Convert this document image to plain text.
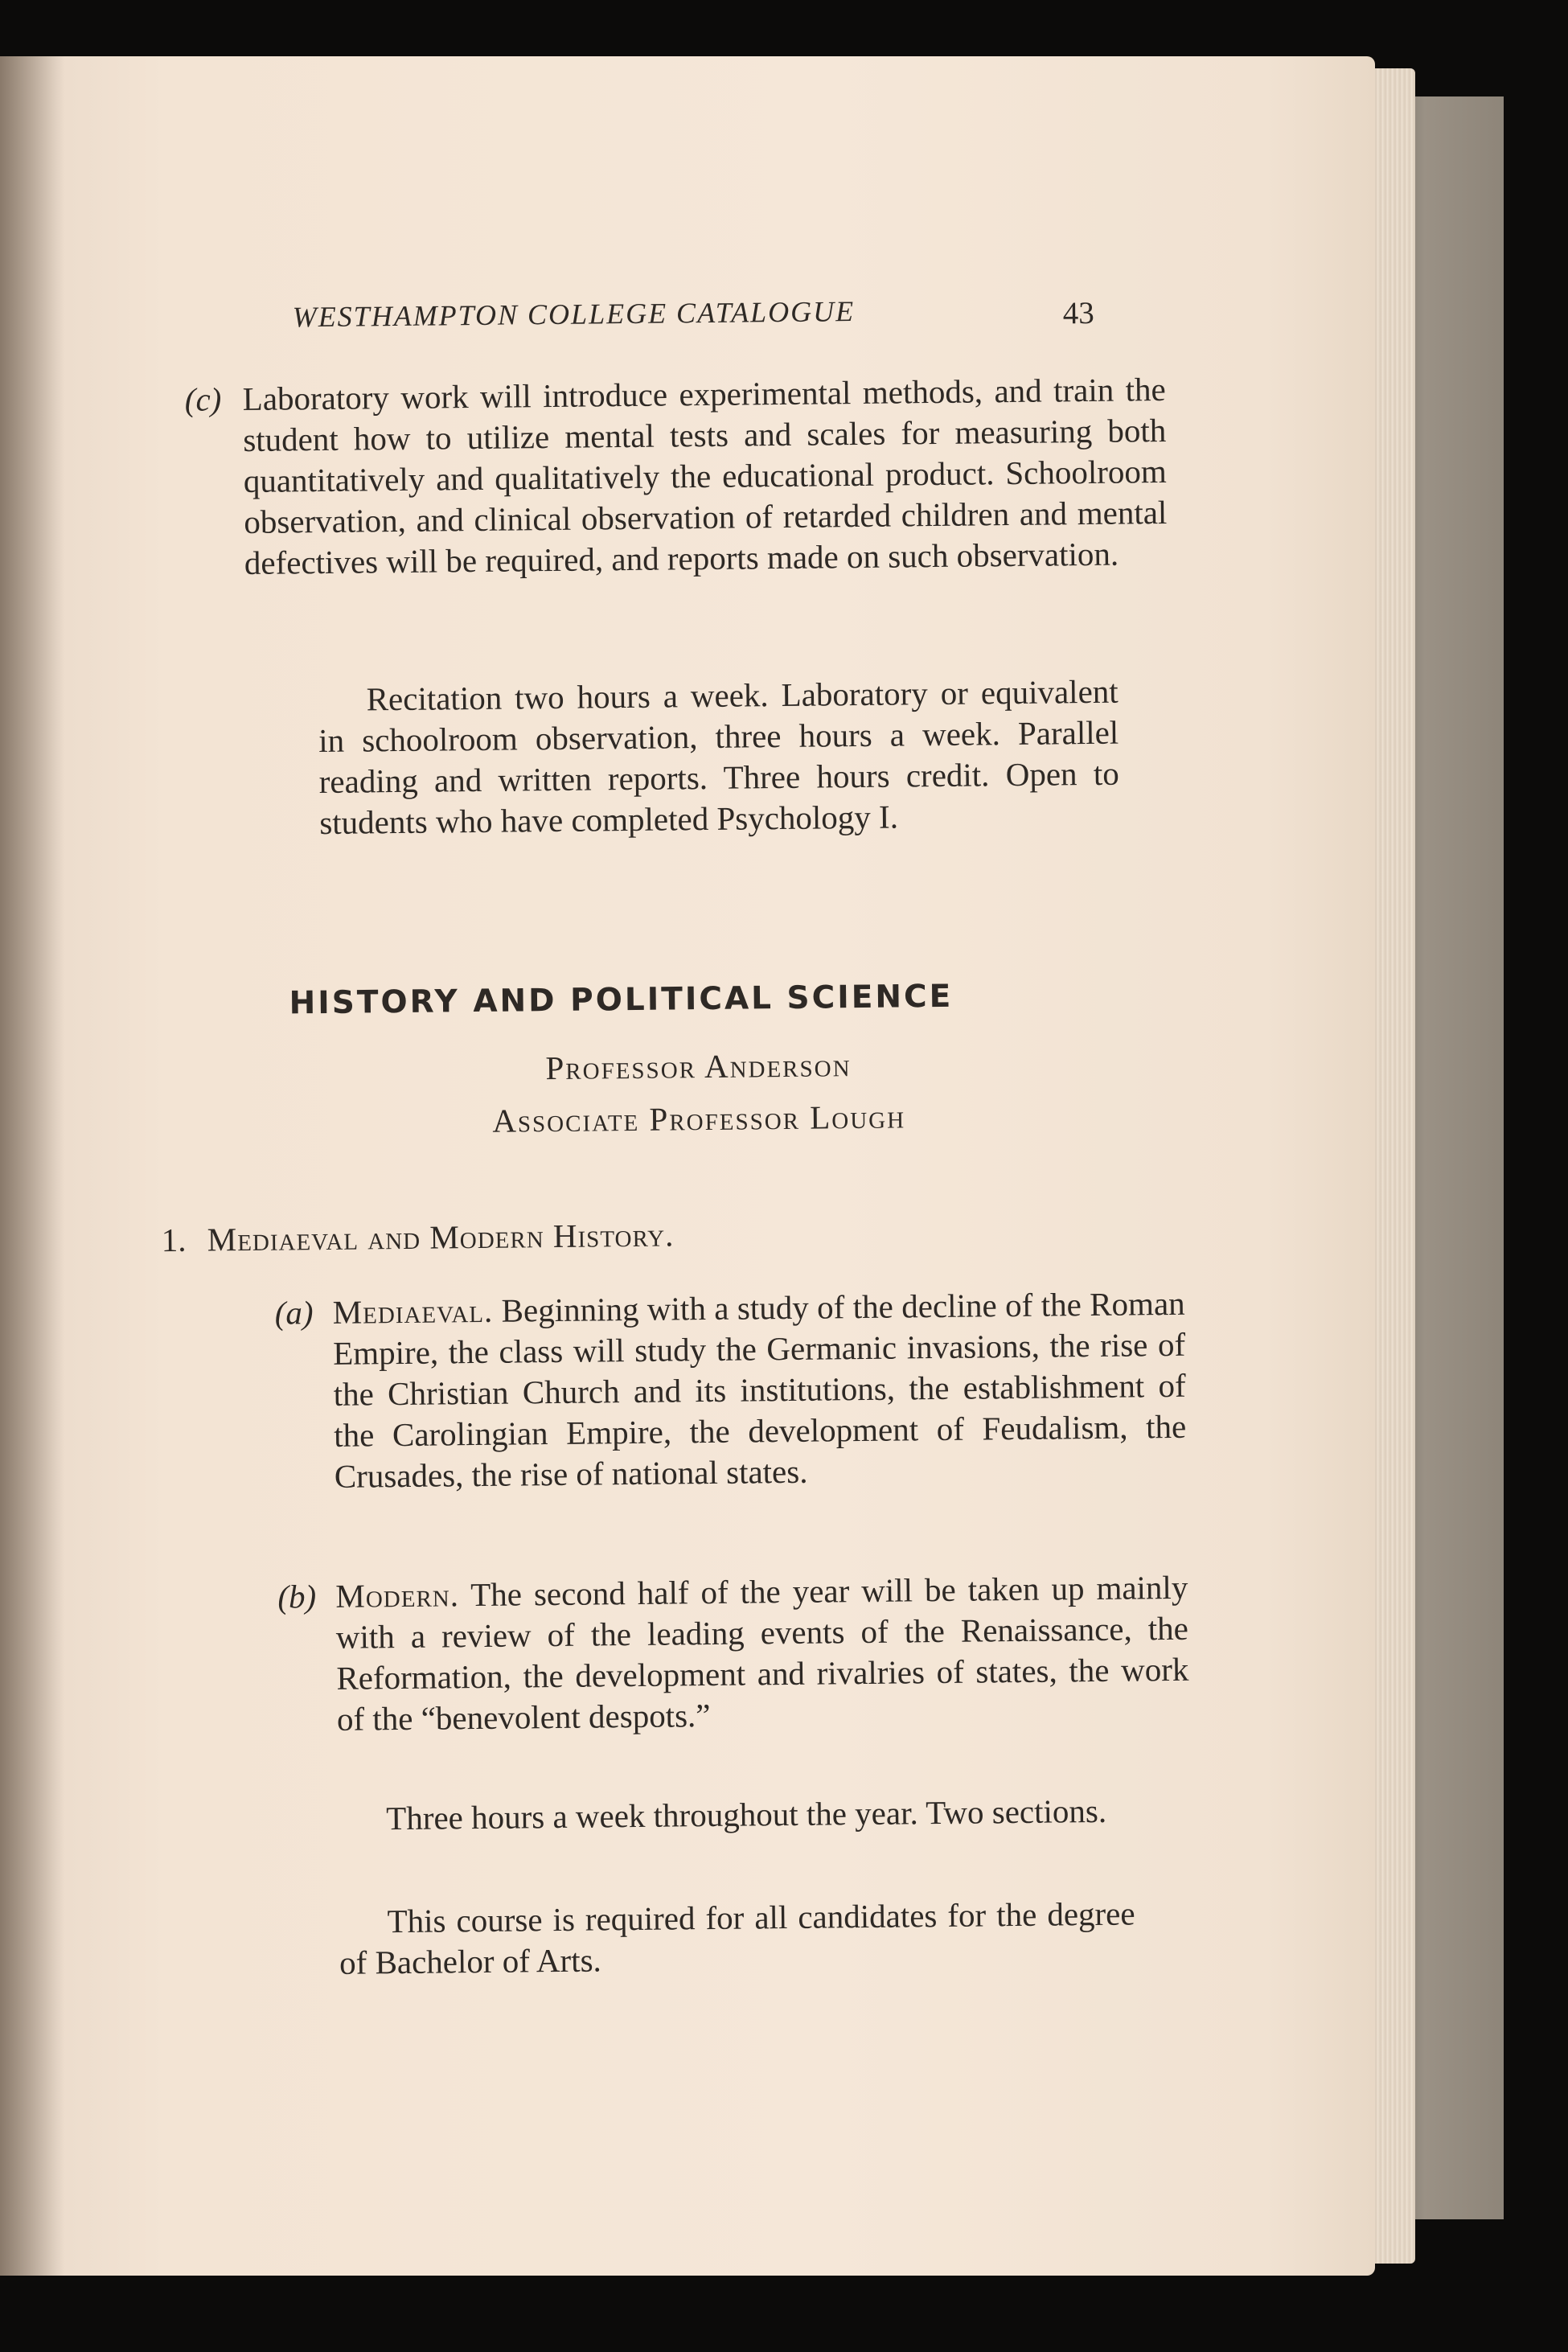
WESTHAMPTON COLLEGE CATALOGUE	43
(c) Laboratory work will introduce experimental methods, and train the student how to utilize mental tests and scales for measuring both quantitatively and qualitatively the educational product. Schoolroom observation, and clinical observation of retarded children and mental defectives will be required, and reports made on such observation.
Recitation two hours a week. Laboratory or equivalent in schoolroom observation, three hours a week. Parallel reading and written reports. Three hours credit. Open to students who have completed Psychology I.
HISTORY AND POLITICAL SCIENCE
Professor Anderson
Associate Professor Lough
1. Mediaeval and Modern History.
(a) Mediaeval. Beginning with a study of the decline of the Roman Empire, the class will study the Germanic invasions, the rise of the Christian Church and its institutions, the establishment of the Carolingian Empire, the development of Feudalism, the Crusades, the rise of national states.
(b) Modern. The second half of the year will be taken up mainly with a review of the leading events of the Renaissance, the Reformation, the development and rivalries of states, the work of the “benevolent despots.”
Three hours a week throughout the year. Two sections.
This course is required for all candidates for the degree of Bachelor of Arts.
